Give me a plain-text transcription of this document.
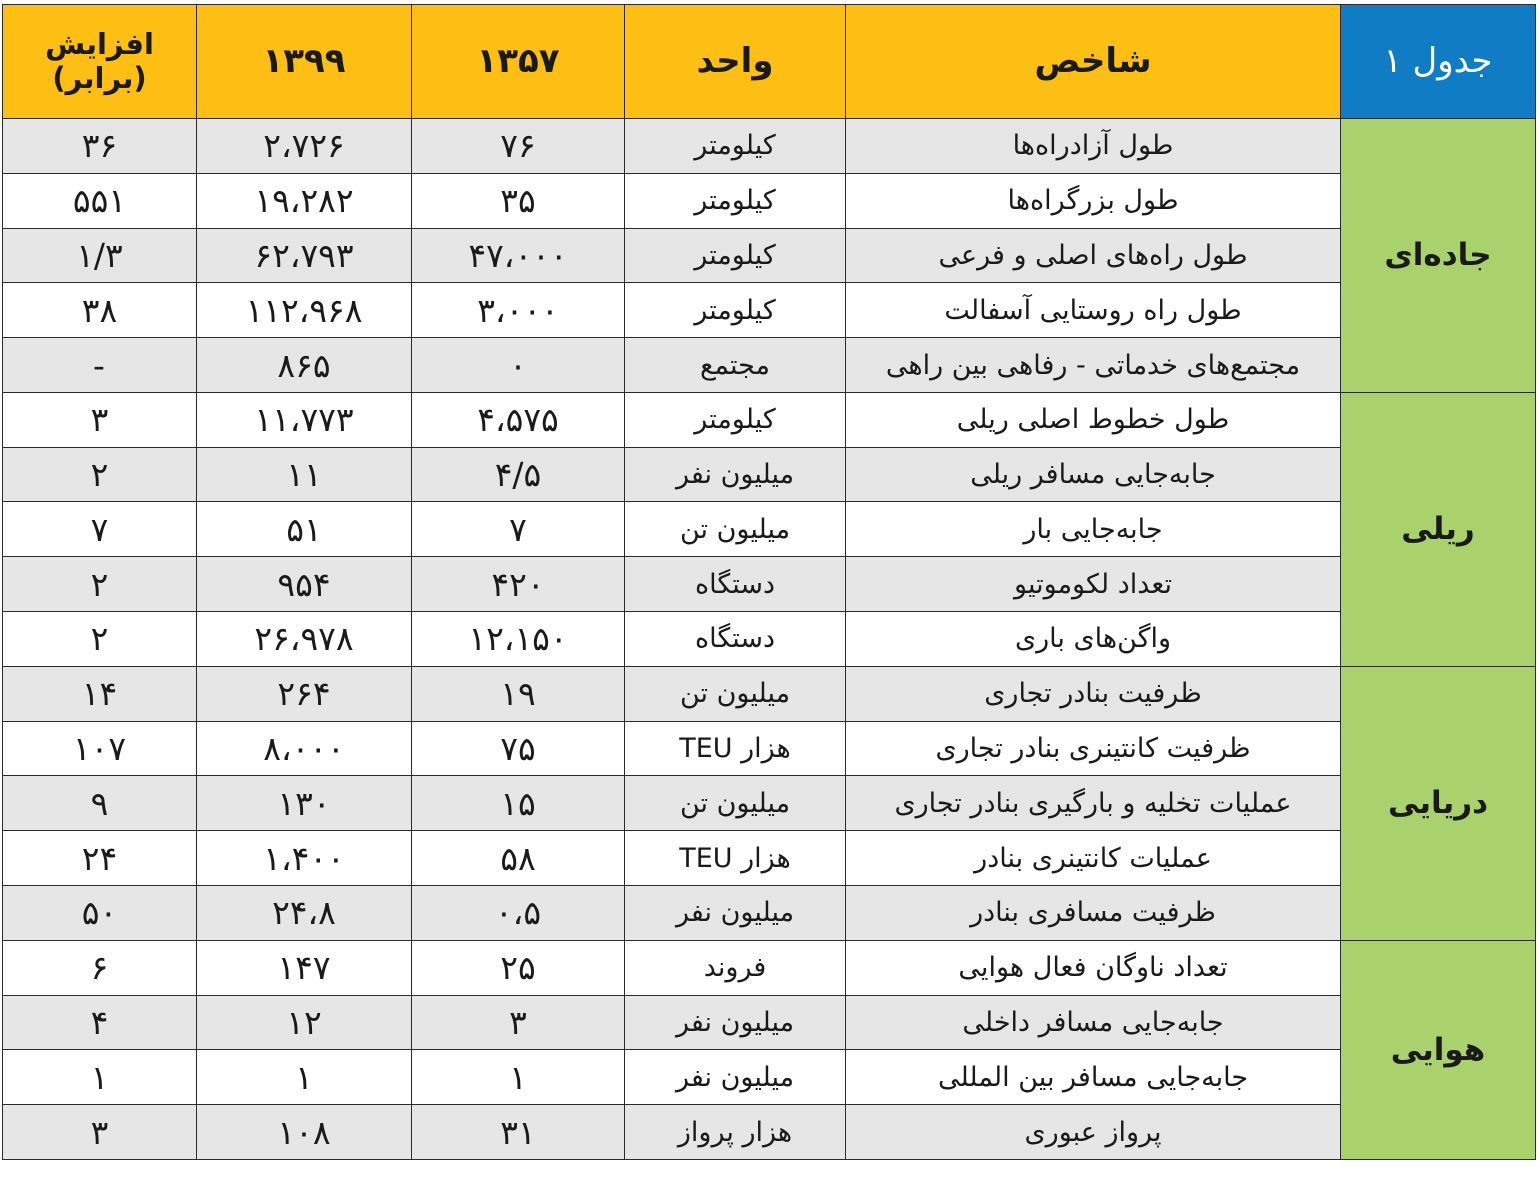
جدول ۱	شاخص	واحد	۱۳۵۷	۱۳۹۹	افزایش
(برابر)

جاده‌ای	طول آزادراه‌ها	کیلومتر	۷۶	۲،۷۲۶	۳۶
	طول بزرگراه‌ها	کیلومتر	۳۵	۱۹،۲۸۲	۵۵۱
	طول راه‌های اصلی و فرعی	کیلومتر	۴۷،۰۰۰	۶۲،۷۹۳	۱/۳
	طول راه روستایی آسفالت	کیلومتر	۳،۰۰۰	۱۱۲،۹۶۸	۳۸
	مجتمع‌های خدماتی - رفاهی بین راهی	مجتمع	۰	۸۶۵	-
ریلی	طول خطوط اصلی ریلی	کیلومتر	۴،۵۷۵	۱۱،۷۷۳	۳
	جابه‌جایی مسافر ریلی	میلیون نفر	۴/۵	۱۱	۲
	جابه‌جایی بار	میلیون تن	۷	۵۱	۷
	تعداد لکوموتیو	دستگاه	۴۲۰	۹۵۴	۲
	واگن‌های باری	دستگاه	۱۲،۱۵۰	۲۶،۹۷۸	۲
دریایی	ظرفیت بنادر تجاری	میلیون تن	۱۹	۲۶۴	۱۴
	ظرفیت کانتینری بنادر تجاری	هزار TEU	۷۵	۸،۰۰۰	۱۰۷
	عملیات تخلیه و بارگیری بنادر تجاری	میلیون تن	۱۵	۱۳۰	۹
	عملیات کانتینری بنادر	هزار TEU	۵۸	۱،۴۰۰	۲۴
	ظرفیت مسافری بنادر	میلیون نفر	۰،۵	۲۴،۸	۵۰
هوایی	تعداد ناوگان فعال هوایی	فروند	۲۵	۱۴۷	۶
	جابه‌جایی مسافر داخلی	میلیون نفر	۳	۱۲	۴
	جابه‌جایی مسافر بین المللی	میلیون نفر	۱	۱	۱
	پرواز عبوری	هزار پرواز	۳۱	۱۰۸	۳
